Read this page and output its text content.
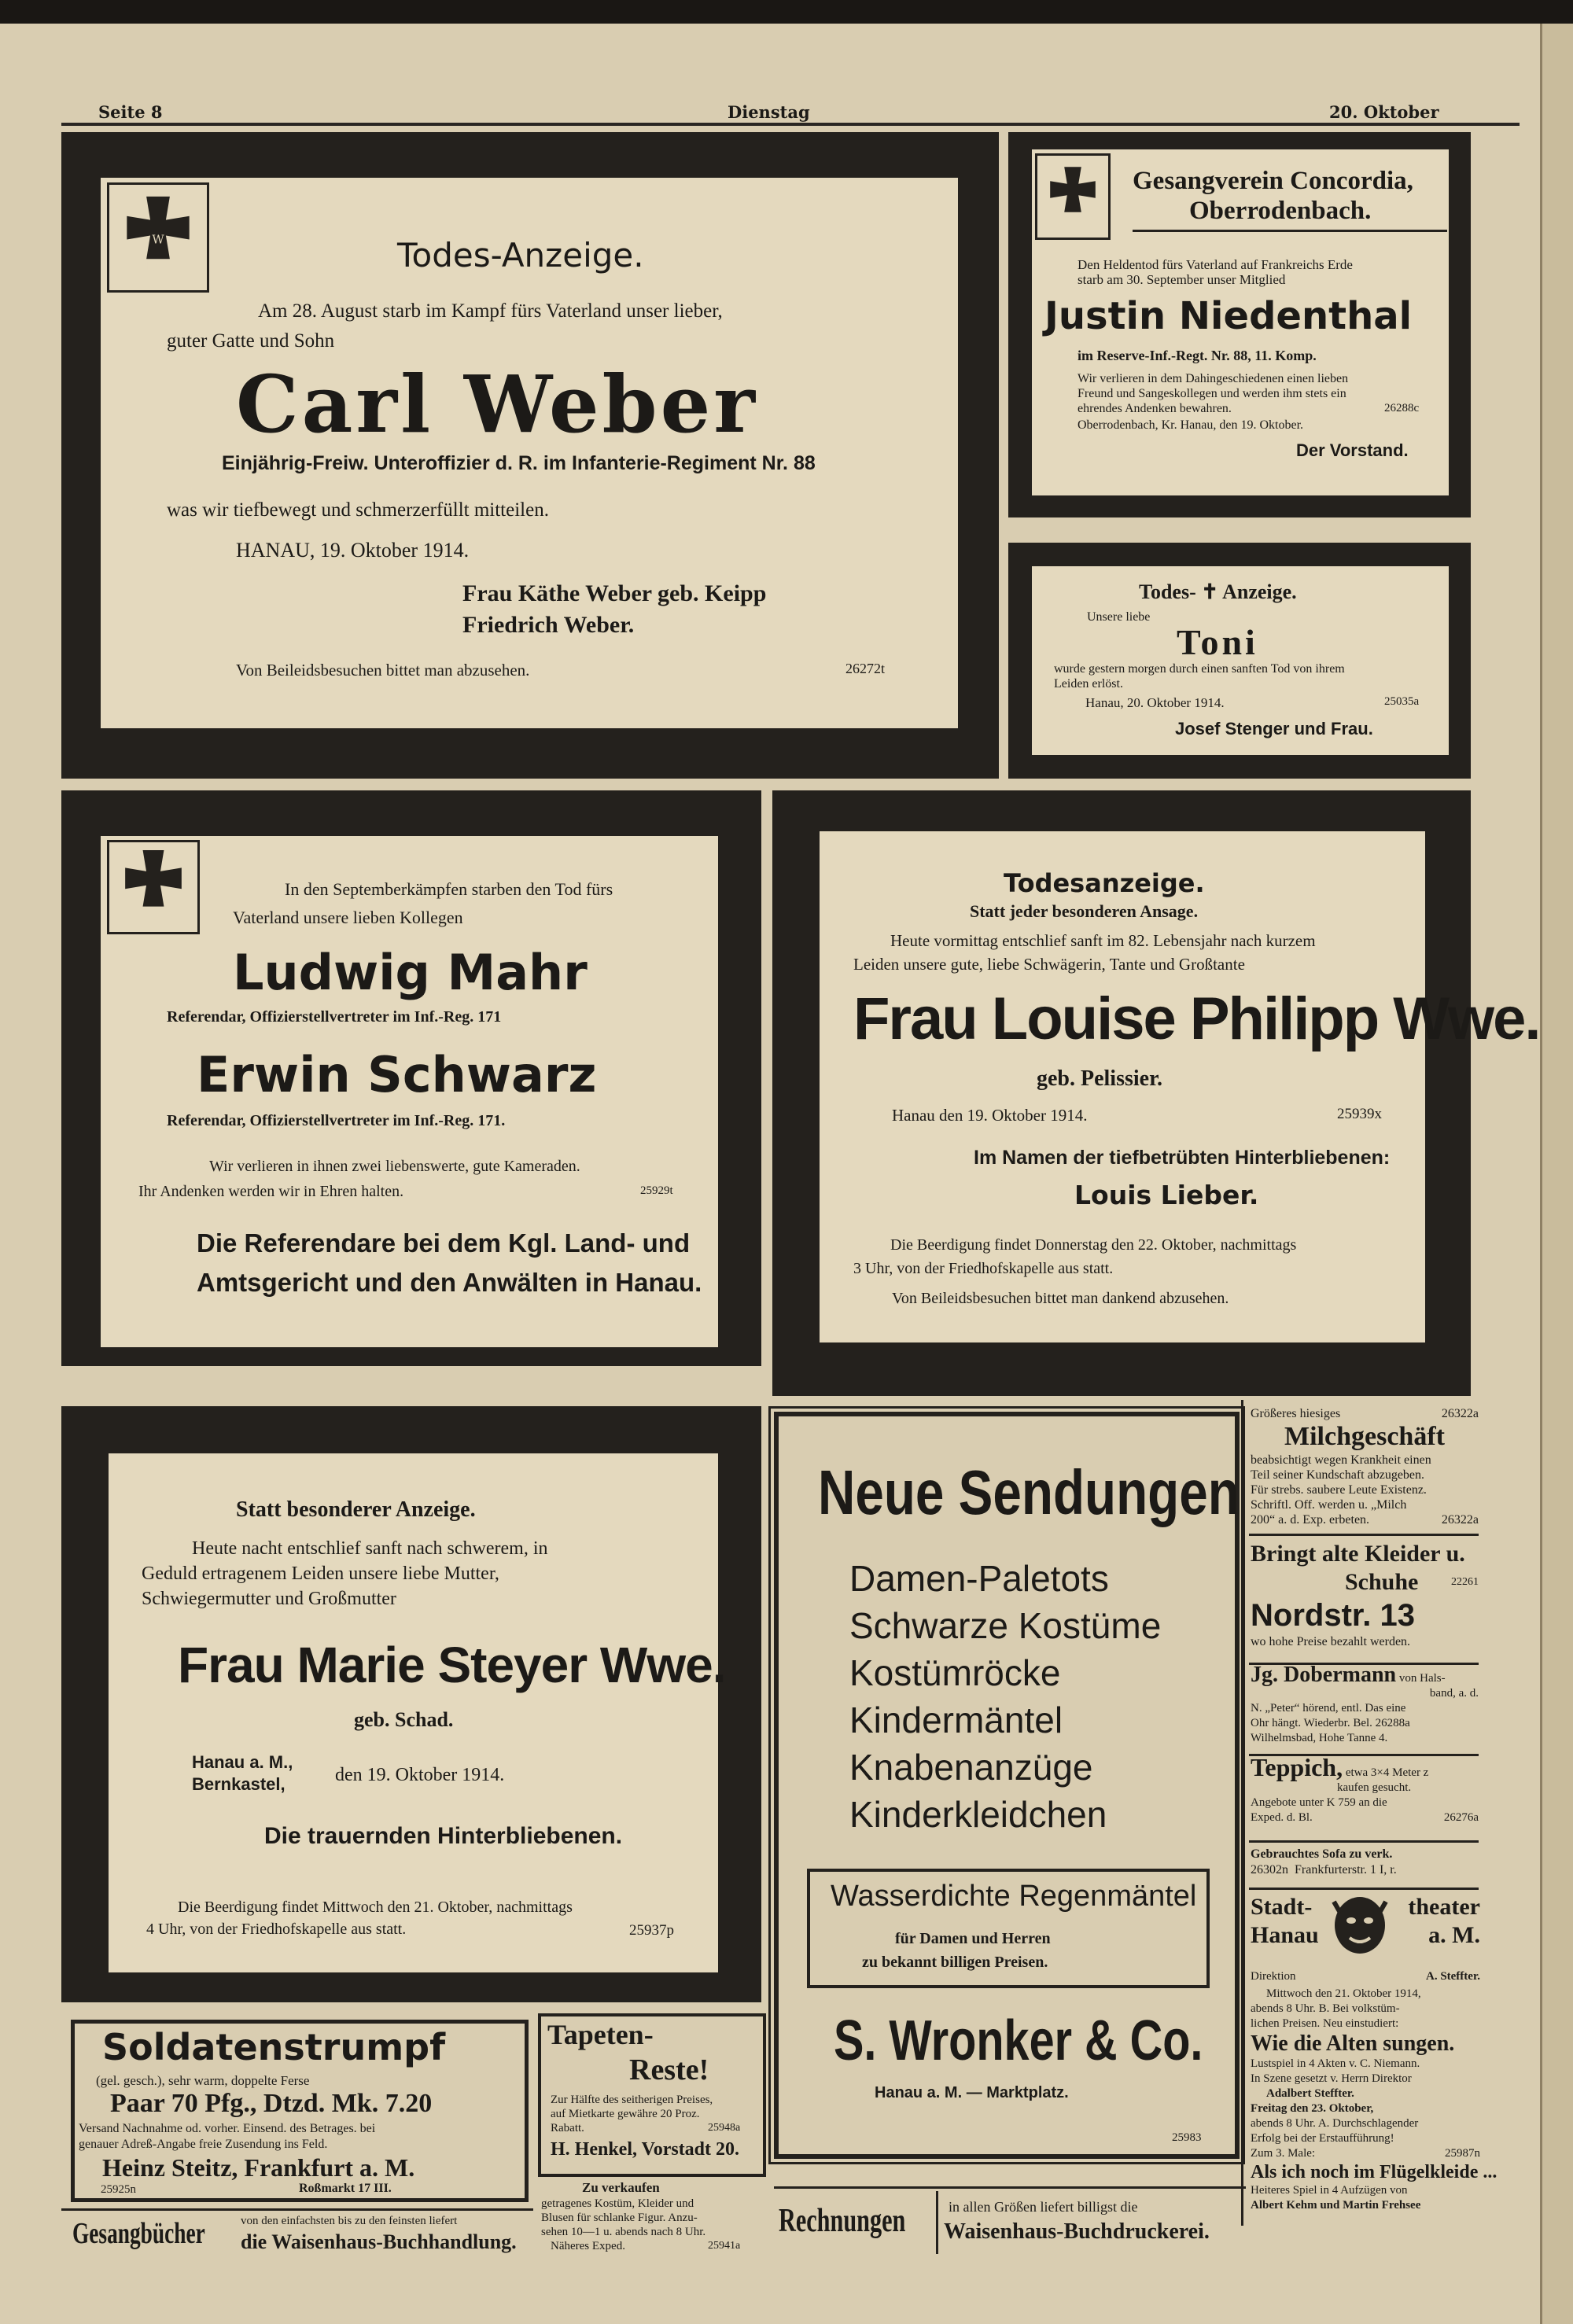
Seite 8	Dienstag	20. Oktober
1914
W	Todes-Anzeige.
Am 28. August starb im Kampf fürs Vaterland unser lieber,
guter Gatte und Sohn
Carl Weber
Einjährig-Freiw. Unteroffizier d. R. im Infanterie-Regiment Nr. 88
was wir tiefbewegt und schmerzerfüllt mitteilen.
HANAU, 19. Oktober 1914.
Frau Käthe Weber geb. Keipp
Friedrich Weber.
Von Beileidsbesuchen bittet man abzusehen.	26272t
Gesangverein Concordia,
Oberrodenbach.
Den Heldentod fürs Vaterland auf Frankreichs Erde
starb am 30. September unser Mitglied
Justin Niedenthal
im Reserve-Inf.-Regt. Nr. 88, 11. Komp.
Wir verlieren in dem Dahingeschiedenen einen lieben
Freund und Sangeskollegen und werden ihm stets ein
ehrendes Andenken bewahren.	26288c
Oberrodenbach, Kr. Hanau, den 19. Oktober.
Der Vorstand.
Todes- ✝ Anzeige.
Unsere liebe
Toni
wurde gestern morgen durch einen sanften Tod von ihrem
Leiden erlöst.
Hanau, 20. Oktober 1914.	25035a
Josef Stenger und Frau.
In den Septemberkämpfen starben den Tod fürs
Vaterland unsere lieben Kollegen
Ludwig Mahr
Referendar, Offizierstellvertreter im Inf.-Reg. 171
Erwin Schwarz
Referendar, Offizierstellvertreter im Inf.-Reg. 171.
Wir verlieren in ihnen zwei liebenswerte, gute Kameraden.
Ihr Andenken werden wir in Ehren halten.	25929t
Die Referendare bei dem Kgl. Land- und
Amtsgericht und den Anwälten in Hanau.
Todesanzeige.
Statt jeder besonderen Ansage.
Heute vormittag entschlief sanft im 82. Lebensjahr nach kurzem
Leiden unsere gute, liebe Schwägerin, Tante und Großtante
Frau Louise Philipp Wwe.
geb. Pelissier.
Hanau den 19. Oktober 1914.	25939x
Im Namen der tiefbetrübten Hinterbliebenen:
Louis Lieber.
Die Beerdigung findet Donnerstag den 22. Oktober, nachmittags
3 Uhr, von der Friedhofskapelle aus statt.
Von Beileidsbesuchen bittet man dankend abzusehen.
Statt besonderer Anzeige.
Heute nacht entschlief sanft nach schwerem, in
Geduld ertragenem Leiden unsere liebe Mutter,
Schwiegermutter und Großmutter
Frau Marie Steyer Wwe.
geb. Schad.
Hanau a. M.,
Bernkastel,	den 19. Oktober 1914.
Die trauernden Hinterbliebenen.
Die Beerdigung findet Mittwoch den 21. Oktober, nachmittags
4 Uhr, von der Friedhofskapelle aus statt.	25937p
Neue Sendungen
Damen-Paletots
Schwarze Kostüme
Kostümröcke
Kindermäntel
Knabenanzüge
Kinderkleidchen
Wasserdichte Regenmäntel
für Damen und Herren
zu bekannt billigen Preisen.
S. Wronker & Co.
Hanau a. M. — Marktplatz.
25983
Größeres hiesiges	26322a
Milchgeschäft
beabsichtigt wegen Krankheit einen
Teil seiner Kundschaft abzugeben.
Für strebs. saubere Leute Existenz.
Schriftl. Off. werden u. „Milch
200“ a. d. Exp. erbeten.	26322a
Bringt alte Kleider u.
Schuhe	22261
Nordstr. 13
wo hohe Preise bezahlt werden.
Jg. Dobermann von Hals-
band, a. d.
N. „Peter“ hörend, entl. Das eine
Ohr hängt. Wiederbr. Bel. 26288a
Wilhelmsbad, Hohe Tanne 4.
Teppich, etwa 3×4 Meter z
kaufen gesucht.
Angebote unter K 759 an die
Exped. d. Bl.	26276a
Gebrauchtes Sofa zu verk.
26302n Frankfurterstr. 1 I, r.
Stadt-
Hanau
theater
a. M.
Direktion	A. Steffter.
Mittwoch den 21. Oktober 1914,
abends 8 Uhr. B. Bei volkstüm-
lichen Preisen. Neu einstudiert:
Wie die Alten sungen.
Lustspiel in 4 Akten v. C. Niemann.
In Szene gesetzt v. Herrn Direktor
Adalbert Steffter.
Freitag den 23. Oktober,
abends 8 Uhr. A. Durchschlagender
Erfolg bei der Erstaufführung!
Zum 3. Male:	25987n
Als ich noch im Flügelkleide ...
Heiteres Spiel in 4 Aufzügen von
Albert Kehm und Martin Frehsee
Soldatenstrumpf
(gel. gesch.), sehr warm, doppelte Ferse
Paar 70 Pfg., Dtzd. Mk. 7.20
Versand Nachnahme od. vorher. Einsend. des Betrages. bei
genauer Adreß-Angabe freie Zusendung ins Feld.
Heinz Steitz, Frankfurt a. M.
25925n	Roßmarkt 17 III.
Tapeten-
Reste!
Zur Hälfte des seitherigen Preises,
auf Mietkarte gewähre 20 Proz.
Rabatt.	25948a
H. Henkel, Vorstadt 20.
Zu verkaufen
getragenes Kostüm, Kleider und
Blusen für schlanke Figur. Anzu-
sehen 10—1 u. abends nach 8 Uhr.
Näheres Exped.	25941a
Gesangbücher	von den einfachsten bis zu den feinsten liefert
die Waisenhaus-Buchhandlung.
Rechnungen	in allen Größen liefert billigst die
Waisenhaus-Buchdruckerei.
